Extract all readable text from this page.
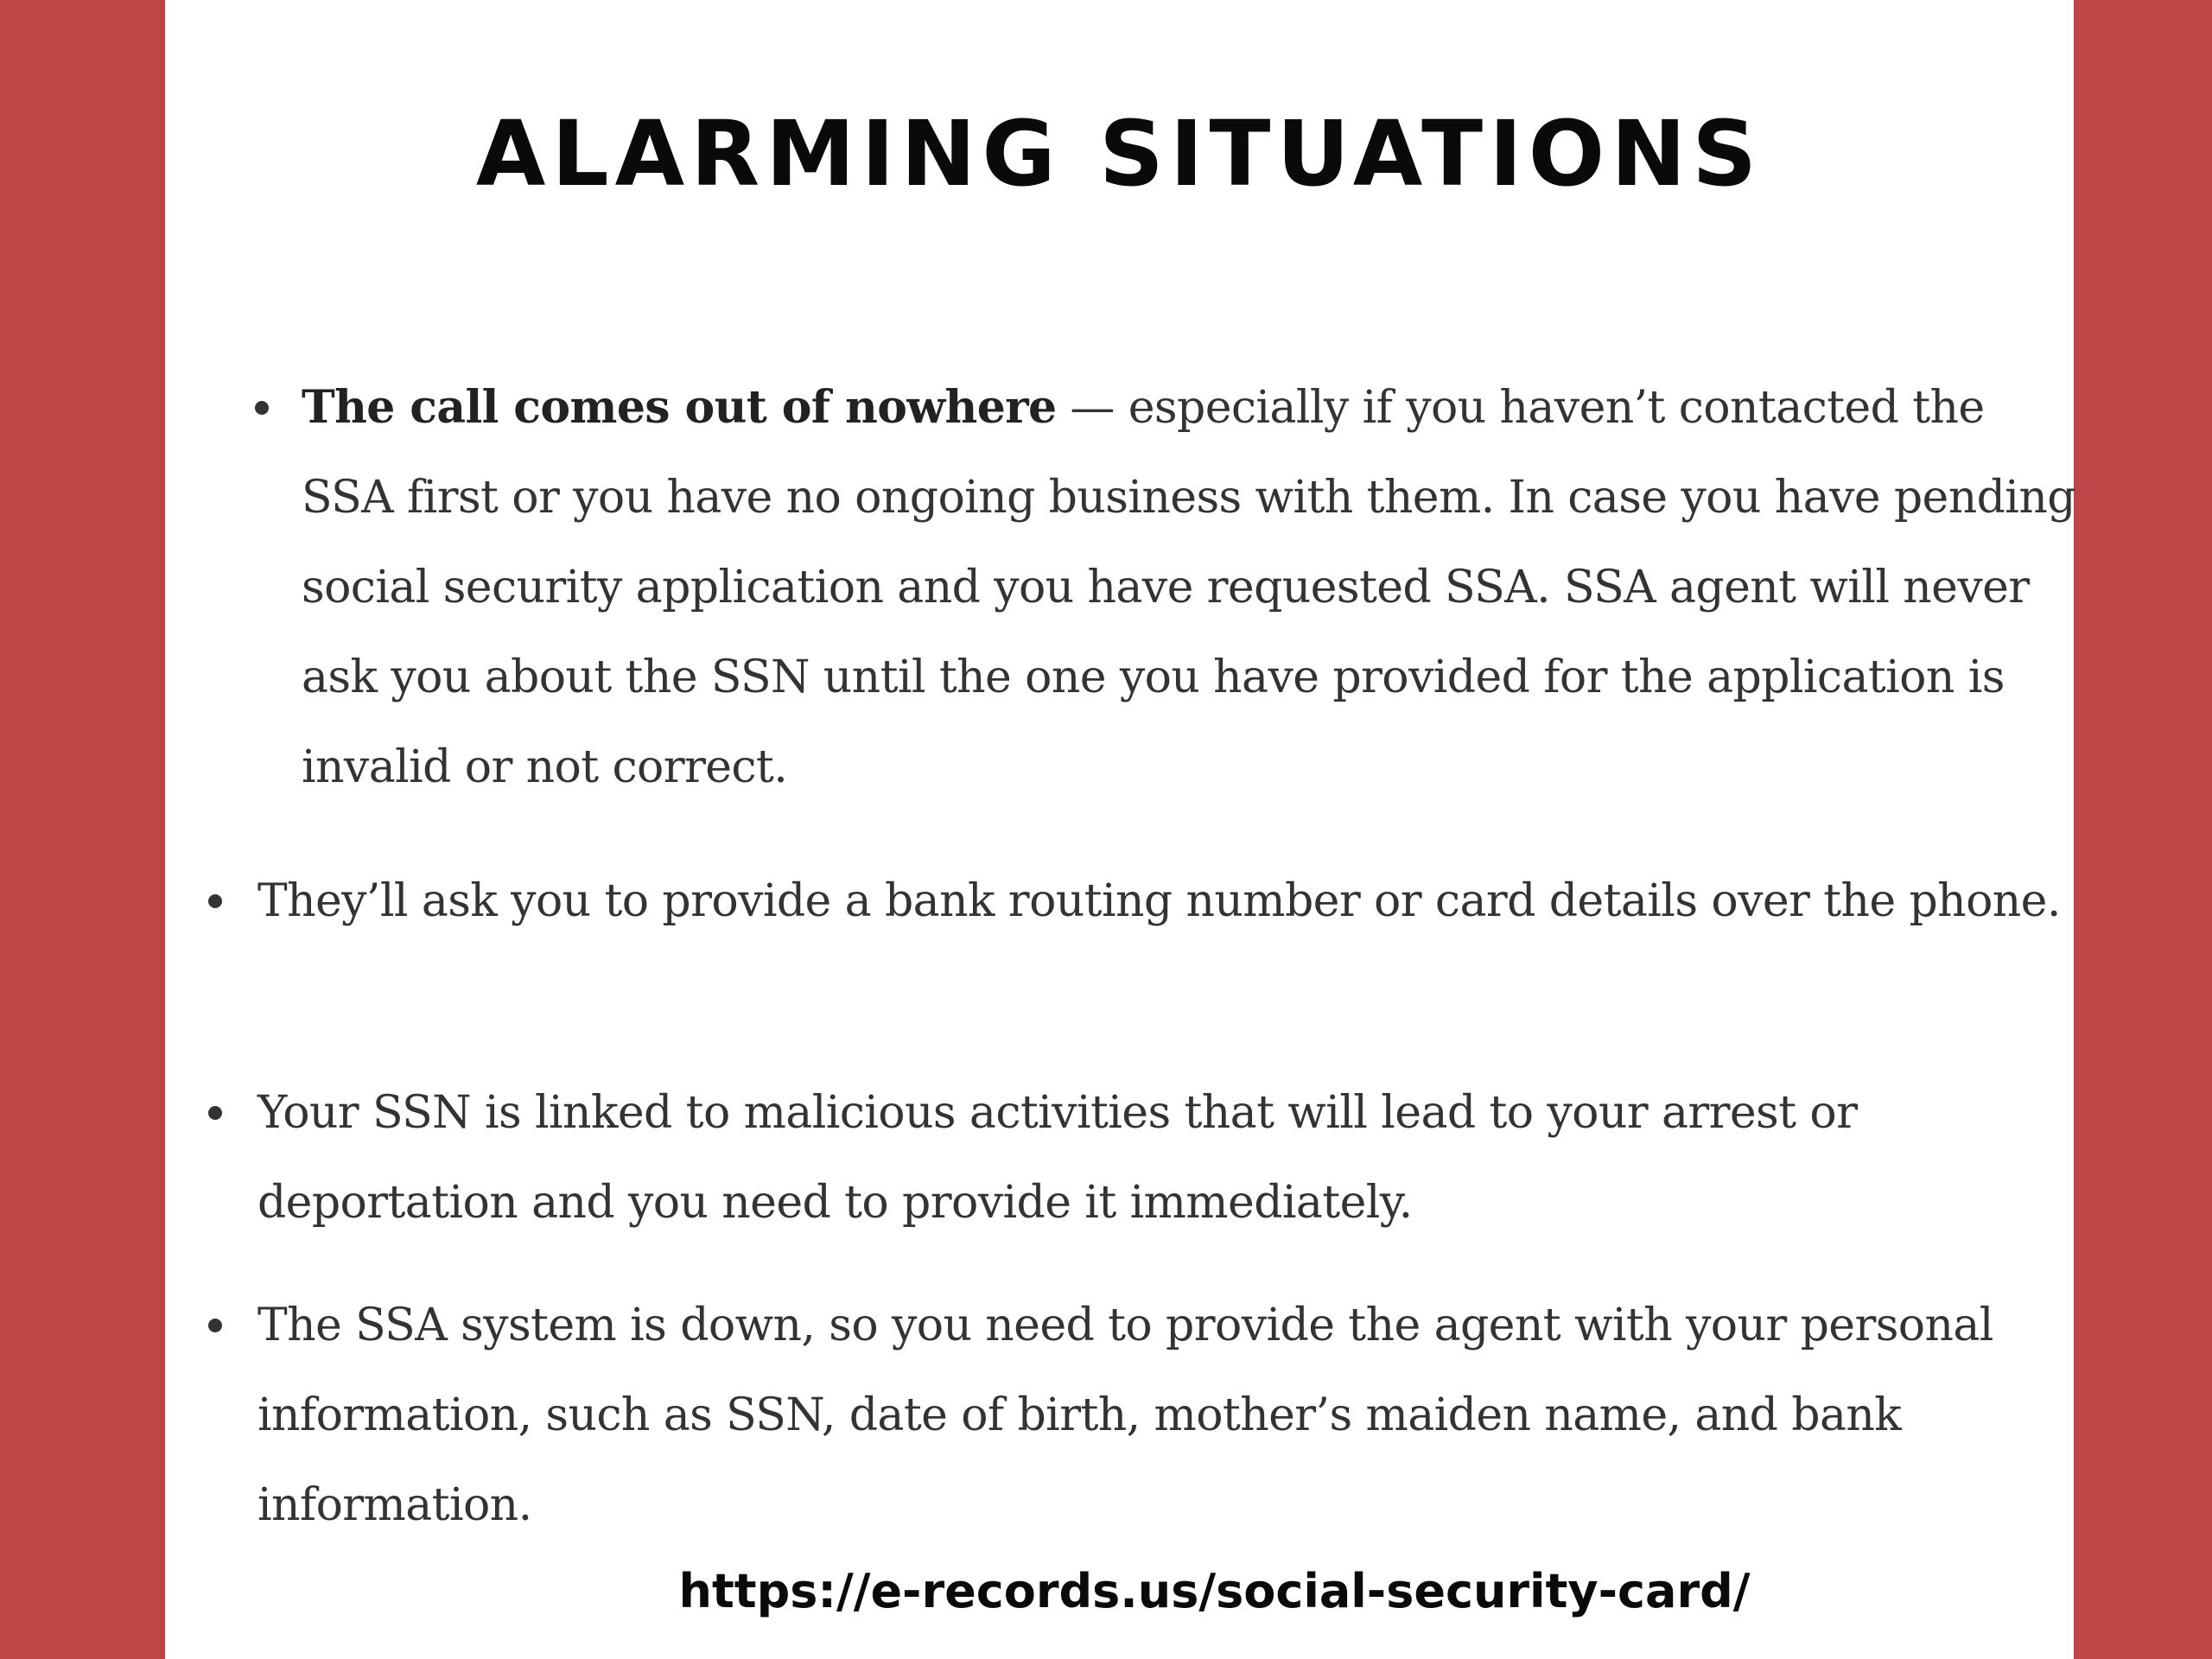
ALARMING SITUATIONS
The call comes out of nowhere — especially if you haven’t contacted the SSA first or you have no ongoing business with them. In case you have pending social security application and you have requested SSA. SSA agent will never ask you about the SSN until the one you have provided for the application is invalid or not correct.
They’ll ask you to provide a bank routing number or card details over the phone.
Your SSN is linked to malicious activities that will lead to your arrest or deportation and you need to provide it immediately.
The SSA system is down, so you need to provide the agent with your personal information, such as SSN, date of birth, mother’s maiden name, and bank information.

https://e-records.us/social-security-card/
